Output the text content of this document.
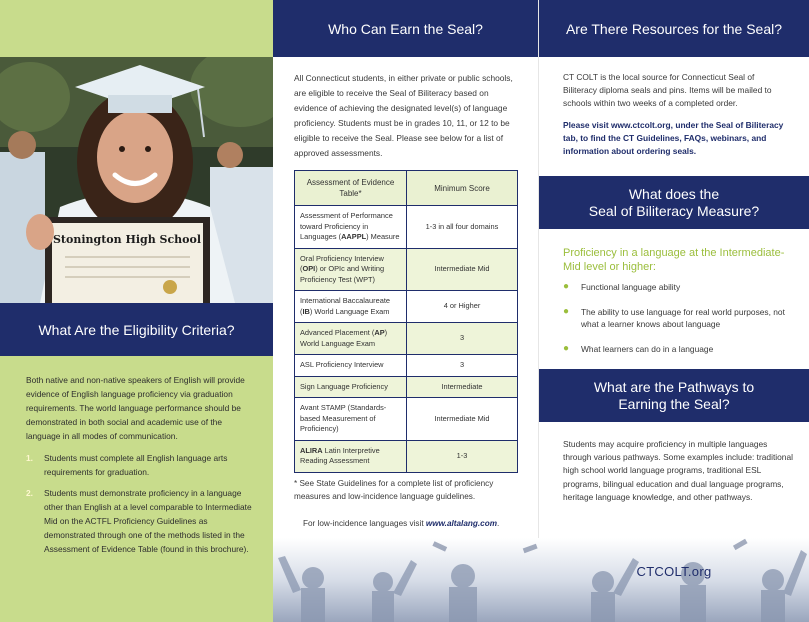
Stonington High School
What Are the Eligibility Criteria?

Both native and non-native speakers of English will provide evidence of English language proficiency via graduation requirements. The world language performance should be demonstrated in both social and academic use of the language in all modes of communication.

1.	Students must complete all English language arts requirements for graduation.
2.	Students must demonstrate proficiency in a language other than English at a level comparable to Intermediate Mid on the ACTFL Proficiency Guidelines as demonstrated through one of the methods listed in the Assessment of Evidence Table (found in this brochure).
Who Can Earn the Seal?

All Connecticut students, in either private or public schools, are eligible to receive the Seal of Biliteracy based on evidence of achieving the designated level(s) of language proficiency. Students must be in grades 10, 11, or 12 to be eligible to receive the Seal. Please see below for a list of approved assessments.

Assessment of Evidence Table*	Minimum Score
Assessment of Performance toward Proficiency in Languages (AAPPL) Measure	1-3 in all four domains
Oral Proficiency Interview (OPI) or OPIc and Writing Proficiency Test (WPT)	Intermediate Mid
International Baccalaureate (IB) World Language Exam	4 or Higher
Advanced Placement (AP) World Language Exam	3
ASL Proficiency Interview	3
Sign Language Proficiency	Intermediate
Avant STAMP (Standards-based Measurement of Proficiency)	Intermediate Mid
ALIRA Latin Interpretive Reading Assessment	1-3

* See State Guidelines for a complete list of proficiency measures and low-incidence language guidelines.

For low-incidence languages visit www.altalang.com.

Are There Resources for the Seal?

CT COLT is the local source for Connecticut Seal of Biliteracy diploma seals and pins. Items will be mailed to schools within two weeks of a completed order.

Please visit www.ctcolt.org, under the Seal of Biliteracy tab, to find the CT Guidelines, FAQs, webinars, and information about ordering seals.

What does the
Seal of Biliteracy Measure?

Proficiency in a language at the Intermediate-Mid level or higher:

●	Functional language ability
●	The ability to use language for real world purposes, not what a learner knows about language
●	What learners can do in a language
What are the Pathways to
Earning the Seal?

Students may acquire proficiency in multiple languages through various pathways. Some examples include: traditional high school world language programs, traditional ESL programs, bilingual education and dual language programs, heritage language knowledge, and other pathways.

CTCOLT.org
